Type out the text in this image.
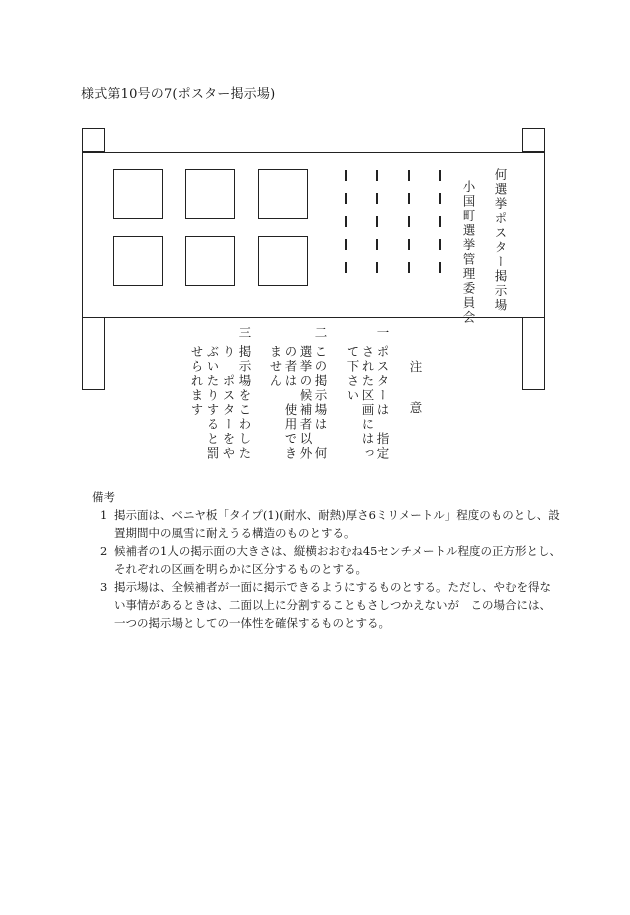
様式第10号の7(ポスター掲示場)
何選挙ポスター掲示場
小国町選挙管理委員会
注　意
一
ポスターは　指定
された区画にはっ
て下さい
二
この掲示場は　何
選挙の候補者以外
の者は　使用でき
ません
三
掲示場をこわした
り　ポスターをや
ぶいたりすると罰
せられます
備考
1 掲示面は、ベニヤ板「タイプ(1)(耐水、耐熱)厚さ6ミリメートル」程度のものとし、設置期間中の風雪に耐えうる構造のものとする。
2 候補者の1人の掲示面の大きさは、縦横おおむね45センチメートル程度の正方形とし、それぞれの区画を明らかに区分するものとする。
3 掲示場は、全候補者が一面に掲示できるようにするものとする。ただし、やむを得ない事情があるときは、二面以上に分割することもさしつかえないが　この場合には、一つの掲示場としての一体性を確保するものとする。
